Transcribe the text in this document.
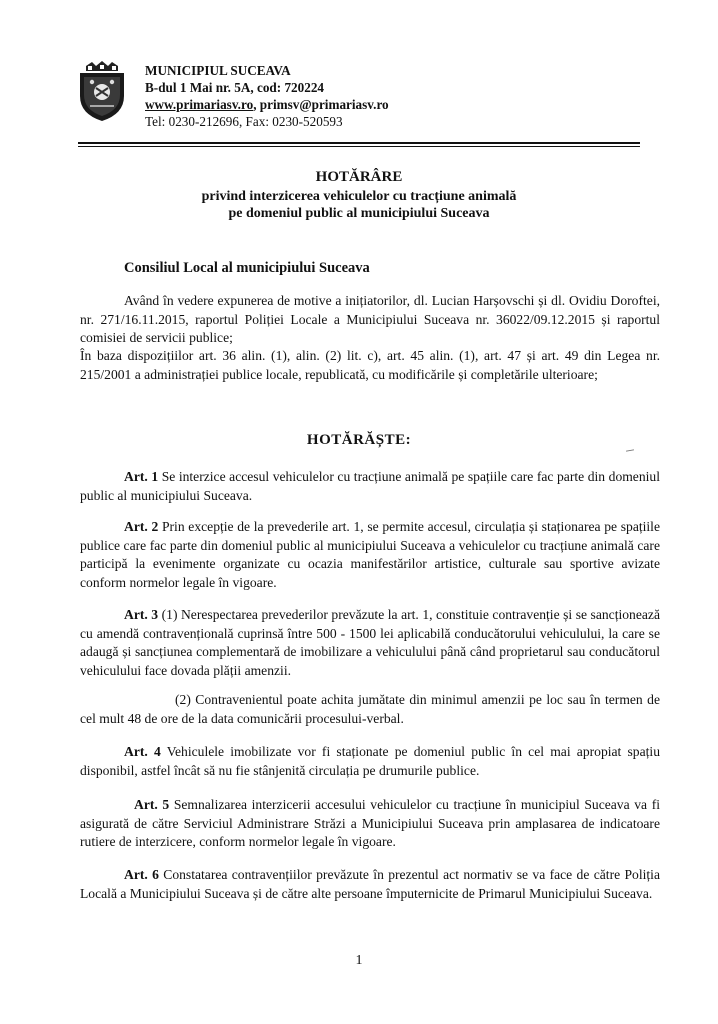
MUNICIPIUL SUCEAVA
B-dul 1 Mai nr. 5A, cod: 720224
www.primariasv.ro, primsv@primariasv.ro
Tel: 0230-212696, Fax: 0230-520593
HOTĂRÂRE
privind interzicerea vehiculelor cu tracțiune animală
pe domeniul public al municipiului Suceava
Consiliul Local al municipiului Suceava
Având în vedere expunerea de motive a inițiatorilor, dl. Lucian Harșovschi și dl. Ovidiu Doroftei, nr. 271/16.11.2015, raportul Poliției Locale a Municipiului Suceava nr. 36022/09.12.2015 și raportul comisiei de servicii publice;
În baza dispozițiilor art. 36 alin. (1), alin. (2) lit. c), art. 45 alin. (1), art. 47 și art. 49 din Legea nr. 215/2001 a administrației publice locale, republicată, cu modificările și completările ulterioare;
HOTĂRĂȘTE:
Art. 1 Se interzice accesul vehiculelor cu tracțiune animală pe spațiile care fac parte din domeniul public al municipiului Suceava.
Art. 2 Prin excepție de la prevederile art. 1, se permite accesul, circulația și staționarea pe spațiile publice care fac parte din domeniul public al municipiului Suceava a vehiculelor cu tracțiune animală care participă la evenimente organizate cu ocazia manifestărilor artistice, culturale sau sportive avizate conform normelor legale în vigoare.
Art. 3 (1) Nerespectarea prevederilor prevăzute la art. 1, constituie contravenție și se sancționează cu amendă contravențională cuprinsă între 500 - 1500 lei aplicabilă conducătorului vehiculului, la care se adaugă și sancțiunea complementară de imobilizare a vehiculului până când proprietarul sau conducătorul vehiculului face dovada plății amenzii.
(2) Contravenientul poate achita jumătate din minimul amenzii pe loc sau în termen de cel mult 48 de ore de la data comunicării procesului-verbal.
Art. 4 Vehiculele imobilizate vor fi staționate pe domeniul public în cel mai apropiat spațiu disponibil, astfel încât să nu fie stânjenită circulația pe drumurile publice.
Art. 5 Semnalizarea interzicerii accesului vehiculelor cu tracțiune în municipiul Suceava va fi asigurată de către Serviciul Administrare Străzi a Municipiului Suceava prin amplasarea de indicatoare rutiere de interzicere, conform normelor legale în vigoare.
Art. 6 Constatarea contravențiilor prevăzute în prezentul act normativ se va face de către Poliția Locală a Municipiului Suceava și de către alte persoane împuternicite de Primarul Municipiului Suceava.
1
